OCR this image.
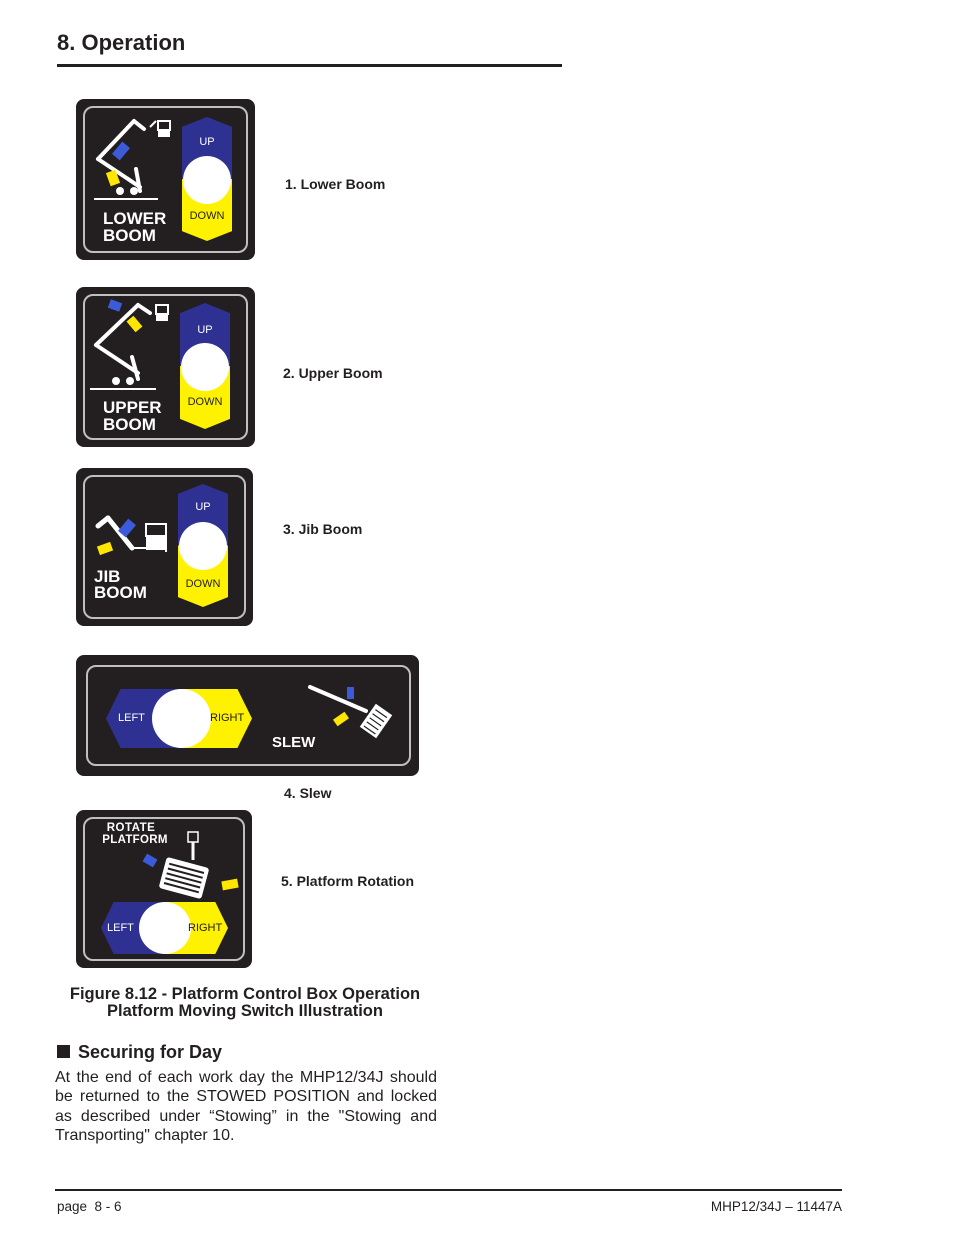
8. Operation
LOWER
BOOM
UP
DOWN
1. Lower Boom
UPPER
BOOM
UP
DOWN
2. Upper Boom
JIB
BOOM
UP
DOWN
3. Jib Boom
LEFT	RIGHT
SLEW
4. Slew
ROTATE
PLATFORM
LEFT	RIGHT
5. Platform Rotation
Figure 8.12 - Platform Control Box Operation
Platform Moving Switch Illustration
Securing for Day
At the end of each work day the MHP12/34J should be returned to the STOWED POSITION and locked as described under “Stowing” in the "Stowing and Transporting" chapter 10.
page  8 - 6	MHP12/34J – 11447A
